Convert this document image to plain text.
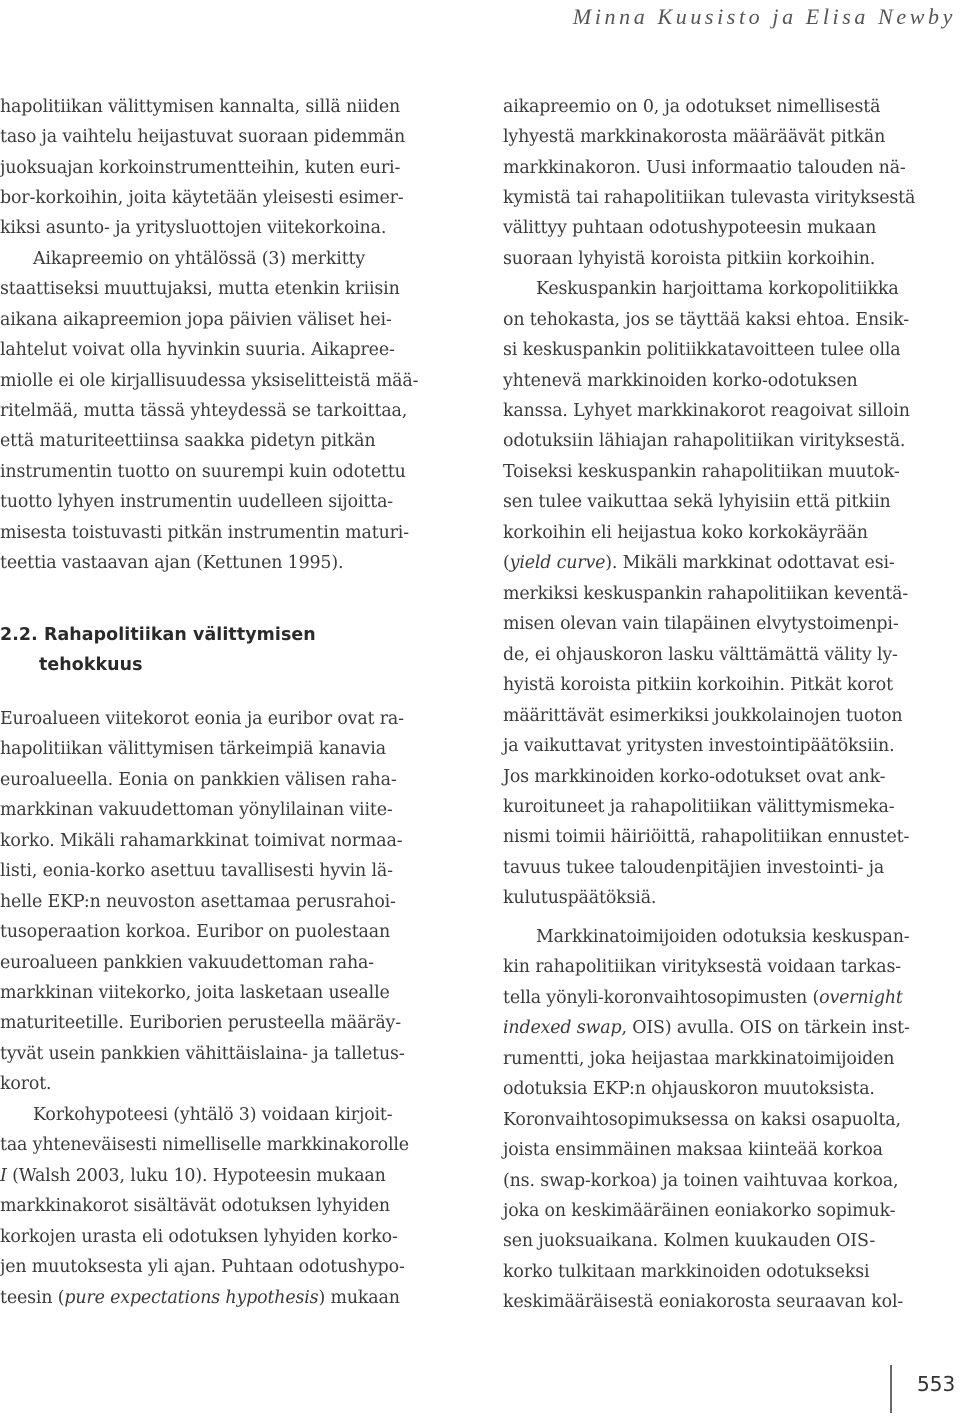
Minna Kuusisto ja Elisa Newby
2.2. Rahapolitiikan välittymisen
tehokkuus
hapolitiikan välittymisen kannalta, sillä niiden
taso ja vaihtelu heijastuvat suoraan pidemmän
juoksuajan korkoinstrumentteihin, kuten euri-
bor-korkoihin, joita käytetään yleisesti esimer-
kiksi asunto- ja yritysluottojen viitekorkoina.
Aikapreemio on yhtälössä (3) merkitty
staattiseksi muuttujaksi, mutta etenkin kriisin
aikana aikapreemion jopa päivien väliset hei-
lahtelut voivat olla hyvinkin suuria. Aikapree-
miolle ei ole kirjallisuudessa yksiselitteistä mää-
ritelmää, mutta tässä yhteydessä se tarkoittaa,
että maturiteettiinsa saakka pidetyn pitkän
instrumentin tuotto on suurempi kuin odotettu
tuotto lyhyen instrumentin uudelleen sijoitta-
misesta toistuvasti pitkän instrumentin maturi-
teettia vastaavan ajan (Kettunen 1995).
Euroalueen viitekorot eonia ja euribor ovat ra-
hapolitiikan välittymisen tärkeimpiä kanavia
euroalueella. Eonia on pankkien välisen raha-
markkinan vakuudettoman yönylilainan viite-
korko. Mikäli rahamarkkinat toimivat normaa-
listi, eonia-korko asettuu tavallisesti hyvin lä-
helle EKP:n neuvoston asettamaa perusrahoi-
tusoperaation korkoa. Euribor on puolestaan
euroalueen pankkien vakuudettoman raha-
markkinan viitekorko, joita lasketaan usealle
maturiteetille. Euriborien perusteella määräy-
tyvät usein pankkien vähittäislaina- ja talletus-
korot.
Korkohypoteesi (yhtälö 3) voidaan kirjoit-
taa yhteneväisesti nimelliselle markkinakorolle
I (Walsh 2003, luku 10). Hypoteesin mukaan
markkinakorot sisältävät odotuksen lyhyiden
korkojen urasta eli odotuksen lyhyiden korko-
jen muutoksesta yli ajan. Puhtaan odotushypo-
teesin (pure expectations hypothesis) mukaan
aikapreemio on 0, ja odotukset nimellisestä
lyhyestä markkinakorosta määräävät pitkän
markkinakoron. Uusi informaatio talouden nä-
kymistä tai rahapolitiikan tulevasta virityksestä
välittyy puhtaan odotushypoteesin mukaan
suoraan lyhyistä koroista pitkiin korkoihin.
Keskuspankin harjoittama korkopolitiikka
on tehokasta, jos se täyttää kaksi ehtoa. Ensik-
si keskuspankin politiikkatavoitteen tulee olla
yhtenevä markkinoiden korko-odotuksen
kanssa. Lyhyet markkinakorot reagoivat silloin
odotuksiin lähiajan rahapolitiikan virityksestä.
Toiseksi keskuspankin rahapolitiikan muutok-
sen tulee vaikuttaa sekä lyhyisiin että pitkiin
korkoihin eli heijastua koko korkokäyrään
(yield curve). Mikäli markkinat odottavat esi-
merkiksi keskuspankin rahapolitiikan keventä-
misen olevan vain tilapäinen elvytystoimenpi-
de, ei ohjauskoron lasku välttämättä välity ly-
hyistä koroista pitkiin korkoihin. Pitkät korot
määrittävät esimerkiksi joukkolainojen tuoton
ja vaikuttavat yritysten investointipäätöksiin.
Jos markkinoiden korko-odotukset ovat ank-
kuroituneet ja rahapolitiikan välittymismeka-
nismi toimii häiriöittä, rahapolitiikan ennustet-
tavuus tukee taloudenpitäjien investointi- ja
kulutuspäätöksiä.
Markkinatoimijoiden odotuksia keskuspan-
kin rahapolitiikan virityksestä voidaan tarkas-
tella yönyli-koronvaihtosopimusten (overnight
indexed swap, OIS) avulla. OIS on tärkein inst-
rumentti, joka heijastaa markkinatoimijoiden
odotuksia EKP:n ohjauskoron muutoksista.
Koronvaihtosopimuksessa on kaksi osapuolta,
joista ensimmäinen maksaa kiinteää korkoa
(ns. swap-korkoa) ja toinen vaihtuvaa korkoa,
joka on keskimääräinen eoniakorko sopimuk-
sen juoksuaikana. Kolmen kuukauden OIS-
korko tulkitaan markkinoiden odotukseksi
keskimääräisestä eoniakorosta seuraavan kol-
553
